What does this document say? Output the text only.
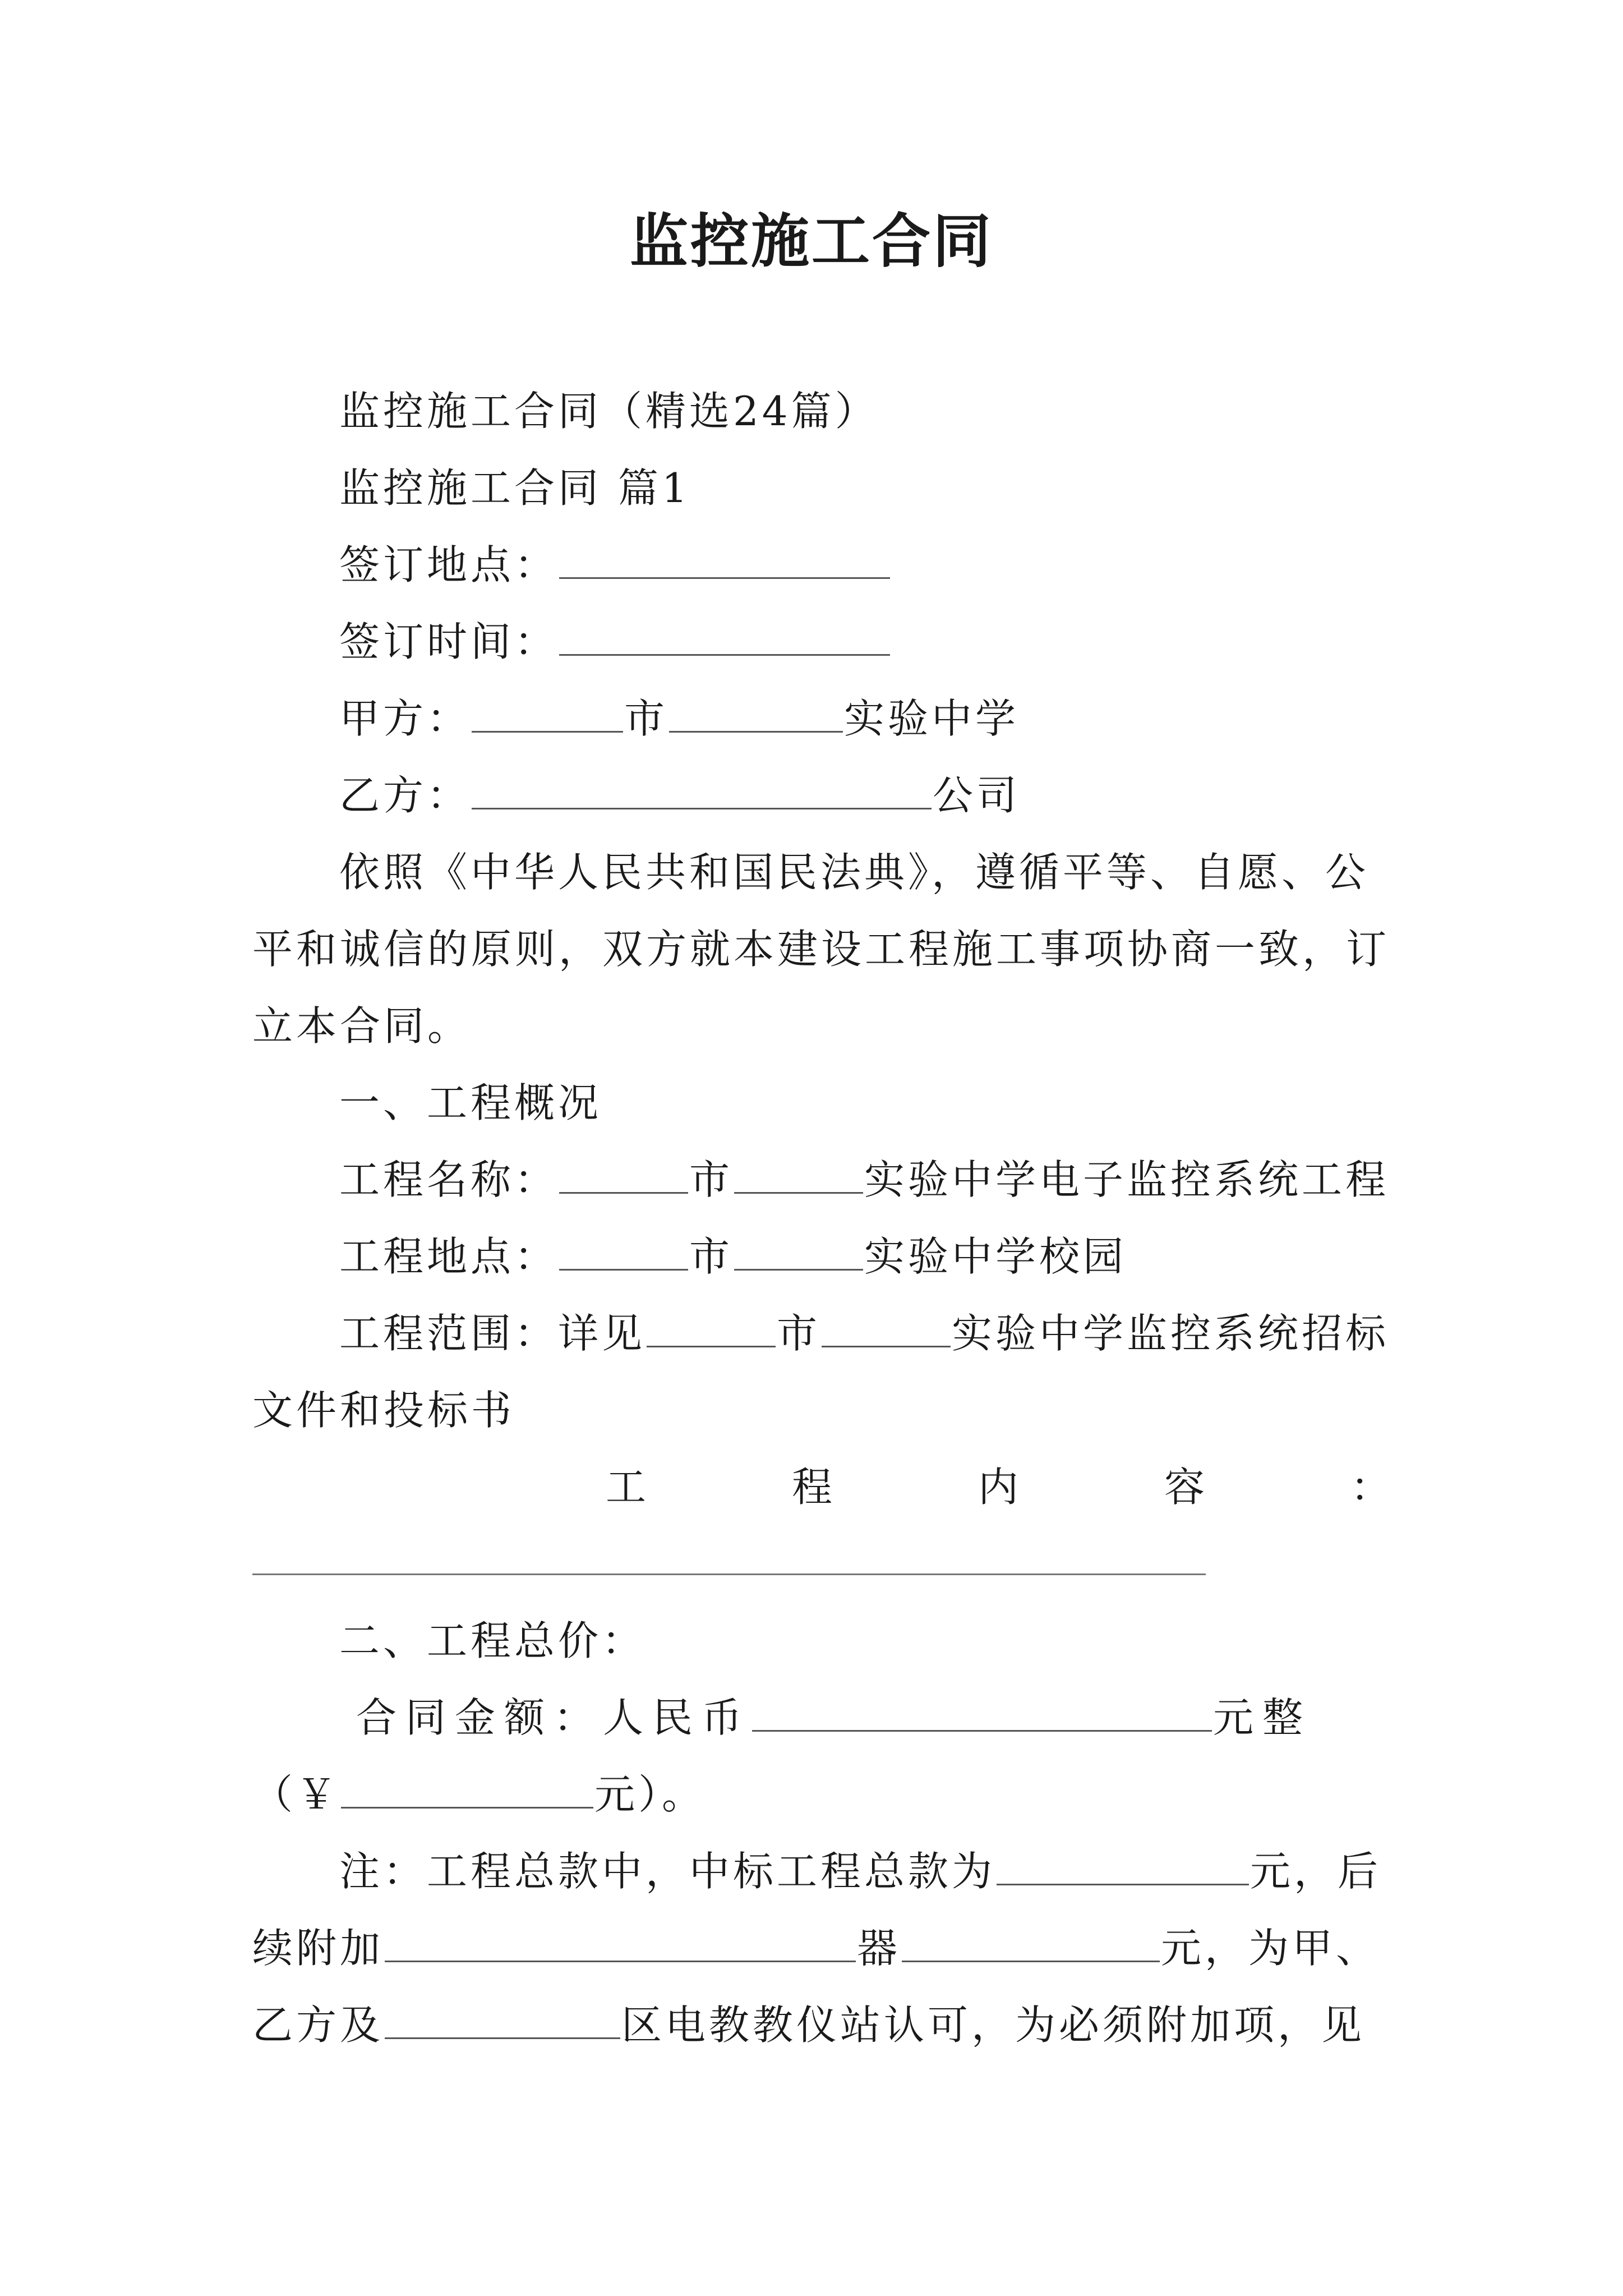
监控施工合同
监控施工合同（精选24篇）
监控施工合同 篇1
签订地点：
签订时间：
甲方：	市	实验中学
乙方：	公司
依照《中华人民共和国民法典》，遵循平等、自愿、公
平和诚信的原则，双方就本建设工程施工事项协商一致，订
立本合同。
一、工程概况
工程名称：	市	实验中学电子监控系统工程
工程地点：	市	实验中学校园
工程范围：详见	市	实验中学监控系统招标
文件和投标书
工	程	内	容	：
二、工程总价：
合同金额：人民币	元整
（￥	元）。
注：工程总款中，中标工程总款为	元，后
续附加	器	元，为甲、
乙方及	区电教教仪站认可，为必须附加项，见
